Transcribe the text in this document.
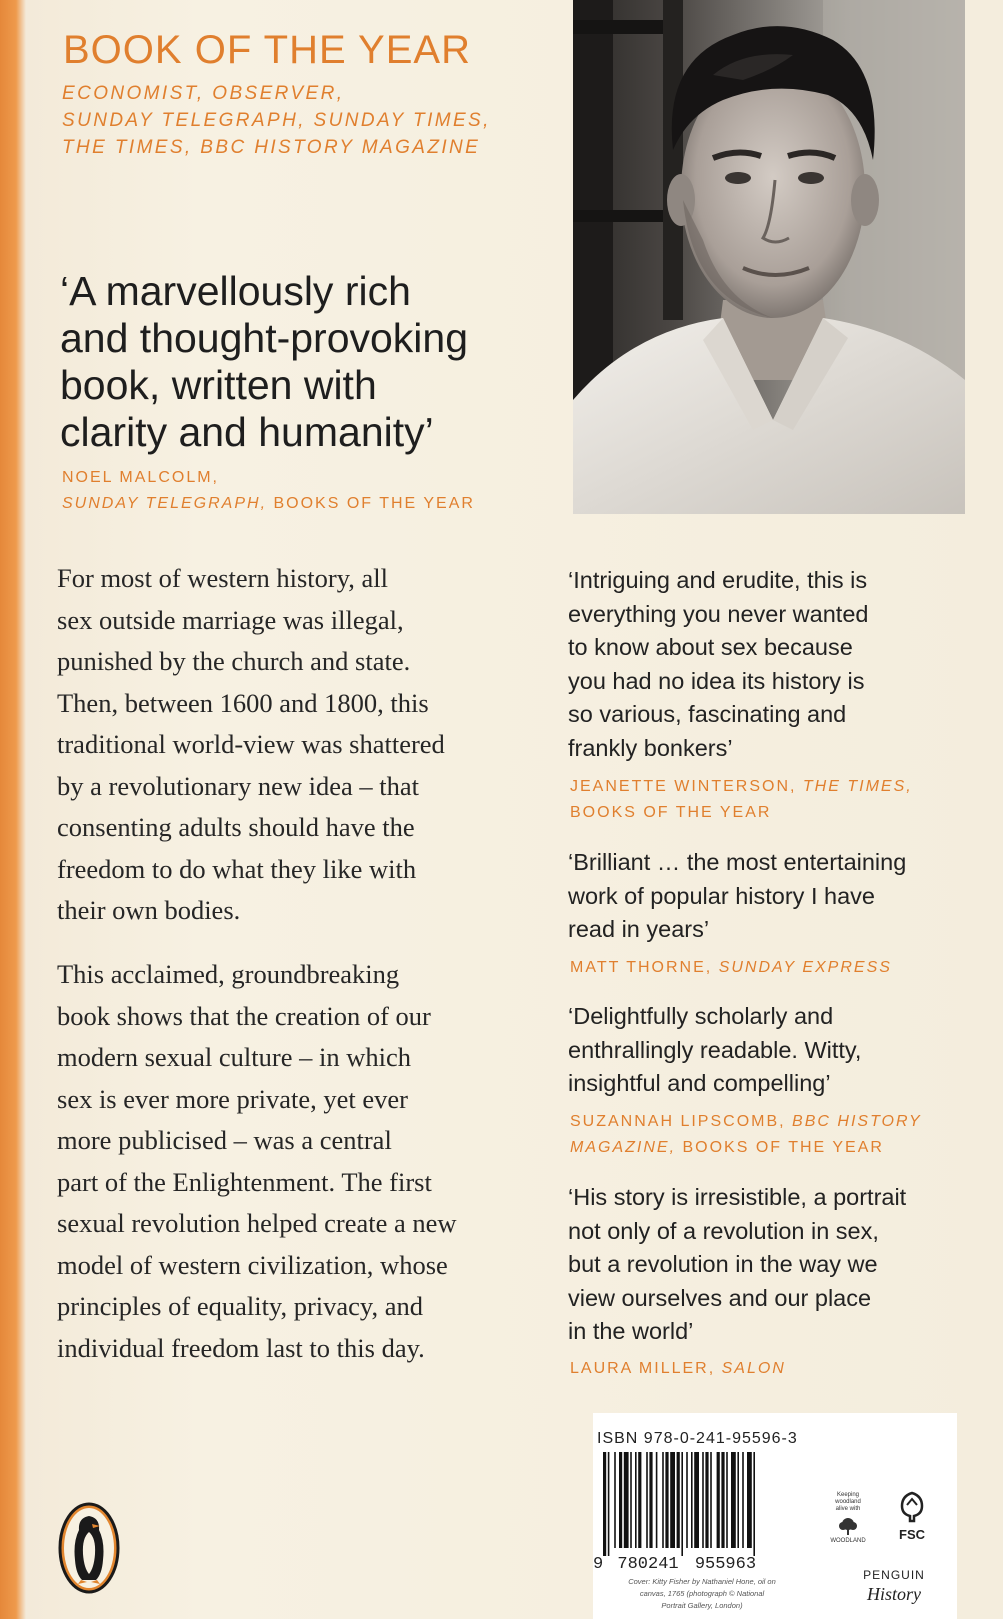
BOOK OF THE YEAR
ECONOMIST, OBSERVER,
SUNDAY TELEGRAPH, SUNDAY TIMES,
THE TIMES, BBC HISTORY MAGAZINE
‘A marvellously rich
and thought-provoking
book, written with
clarity and humanity’
NOEL MALCOLM,
SUNDAY TELEGRAPH, BOOKS OF THE YEAR
For most of western history, all
sex outside marriage was illegal,
punished by the church and state.
Then, between 1600 and 1800, this
traditional world-view was shattered
by a revolutionary new idea – that
consenting adults should have the
freedom to do what they like with
their own bodies.
This acclaimed, groundbreaking
book shows that the creation of our
modern sexual culture – in which
sex is ever more private, yet ever
more publicised – was a central
part of the Enlightenment. The first
sexual revolution helped create a new
model of western civilization, whose
principles of equality, privacy, and
individual freedom last to this day.
‘Intriguing and erudite, this is
everything you never wanted
to know about sex because
you had no idea its history is
so various, fascinating and
frankly bonkers’
JEANETTE WINTERSON, THE TIMES,
BOOKS OF THE YEAR
‘Brilliant … the most entertaining
work of popular history I have
read in years’
MATT THORNE, SUNDAY EXPRESS
‘Delightfully scholarly and
enthrallingly readable. Witty,
insightful and compelling’
SUZANNAH LIPSCOMB, BBC HISTORY
MAGAZINE, BOOKS OF THE YEAR
‘His story is irresistible, a portrait
not only of a revolution in sex,
but a revolution in the way we
view ourselves and our place
in the world’
LAURA MILLER, SALON
ISBN 978-0-241-95596-3
9 780241 955963
Cover: Kitty Fisher by Nathaniel Hone, oil on
canvas, 1765 (photograph © National
Portrait Gallery, London)
Keeping
woodland
alive with
WOODLAND	FSC
PENGUIN
History
